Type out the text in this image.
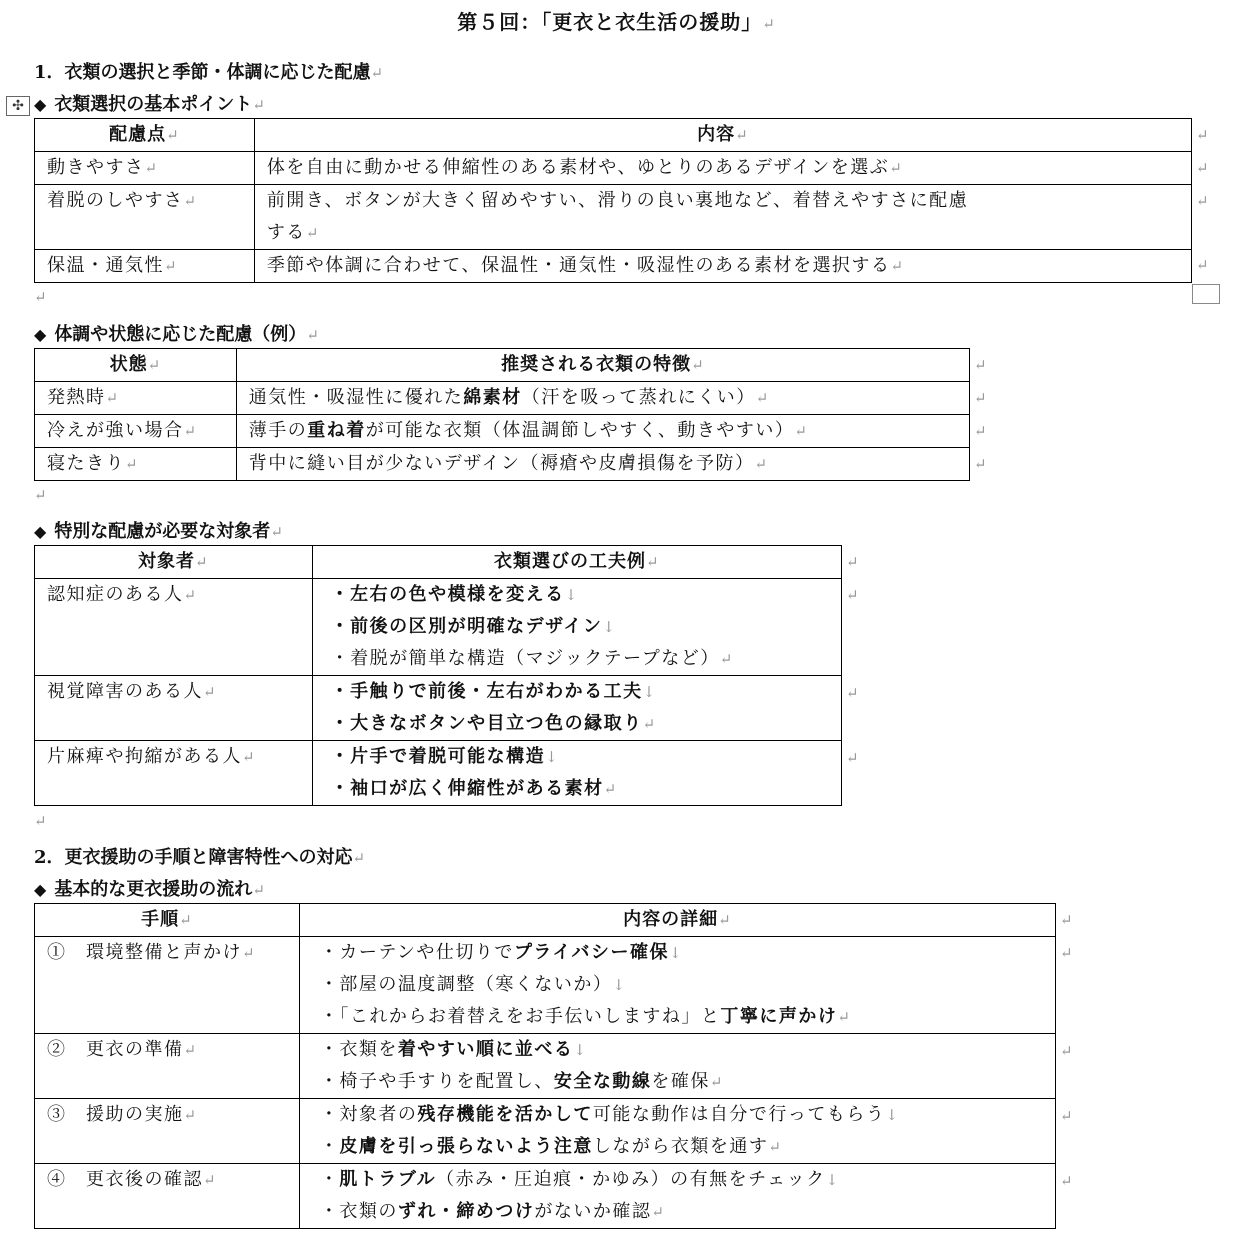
第５回：「更衣と衣生活の援助」↵
1．衣類の選択と季節・体調に応じた配慮↵
✣ ◆ 衣類選択の基本ポイント↵
配慮点↵	内容↵
動きやすさ↵	体を自由に動かせる伸縮性のある素材や、ゆとりのあるデザインを選ぶ↵
着脱のしやすさ↵	前開き、ボタンが大きく留めやすい、滑りの良い裏地など、着替えやすさに配慮
する↵

保温・通気性↵	季節や体調に合わせて、保温性・通気性・吸湿性のある素材を選択する↵
↵
↵
↵
↵
↵
◆ 体調や状態に応じた配慮（例）↵
状態↵	推奨される衣類の特徴↵
発熱時↵	通気性・吸湿性に優れた綿素材（汗を吸って蒸れにくい）↵
冷えが強い場合↵	薄手の重ね着が可能な衣類（体温調節しやすく、動きやすい）↵
寝たきり↵	背中に縫い目が少ないデザイン（褥瘡や皮膚損傷を予防）↵
↵
↵
↵
↵
↵
◆ 特別な配慮が必要な対象者↵
対象者↵	衣類選びの工夫例↵
認知症のある人↵	・左右の色や模様を変える↓
・前後の区別が明確なデザイン↓
・着脱が簡単な構造（マジックテープなど）↵

視覚障害のある人↵	・手触りで前後・左右がわかる工夫↓
・大きなボタンや目立つ色の縁取り↵

片麻痺や拘縮がある人↵	・片手で着脱可能な構造↓
・袖口が広く伸縮性がある素材↵
↵
↵
↵
↵
↵
2．更衣援助の手順と障害特性への対応↵
◆ 基本的な更衣援助の流れ↵
手順↵	内容の詳細↵
①　環境整備と声かけ↵	・カーテンや仕切りでプライバシー確保↓
・部屋の温度調整（寒くないか）↓
・「これからお着替えをお手伝いしますね」と丁寧に声かけ↵

②　更衣の準備↵	・衣類を着やすい順に並べる↓
・椅子や手すりを配置し、安全な動線を確保↵

③　援助の実施↵	・対象者の残存機能を活かして可能な動作は自分で行ってもらう↓
・皮膚を引っ張らないよう注意しながら衣類を通す↵

④　更衣後の確認↵	・肌トラブル（赤み・圧迫痕・かゆみ）の有無をチェック↓
・衣類のずれ・締めつけがないか確認↵
↵
↵
↵
↵
↵
